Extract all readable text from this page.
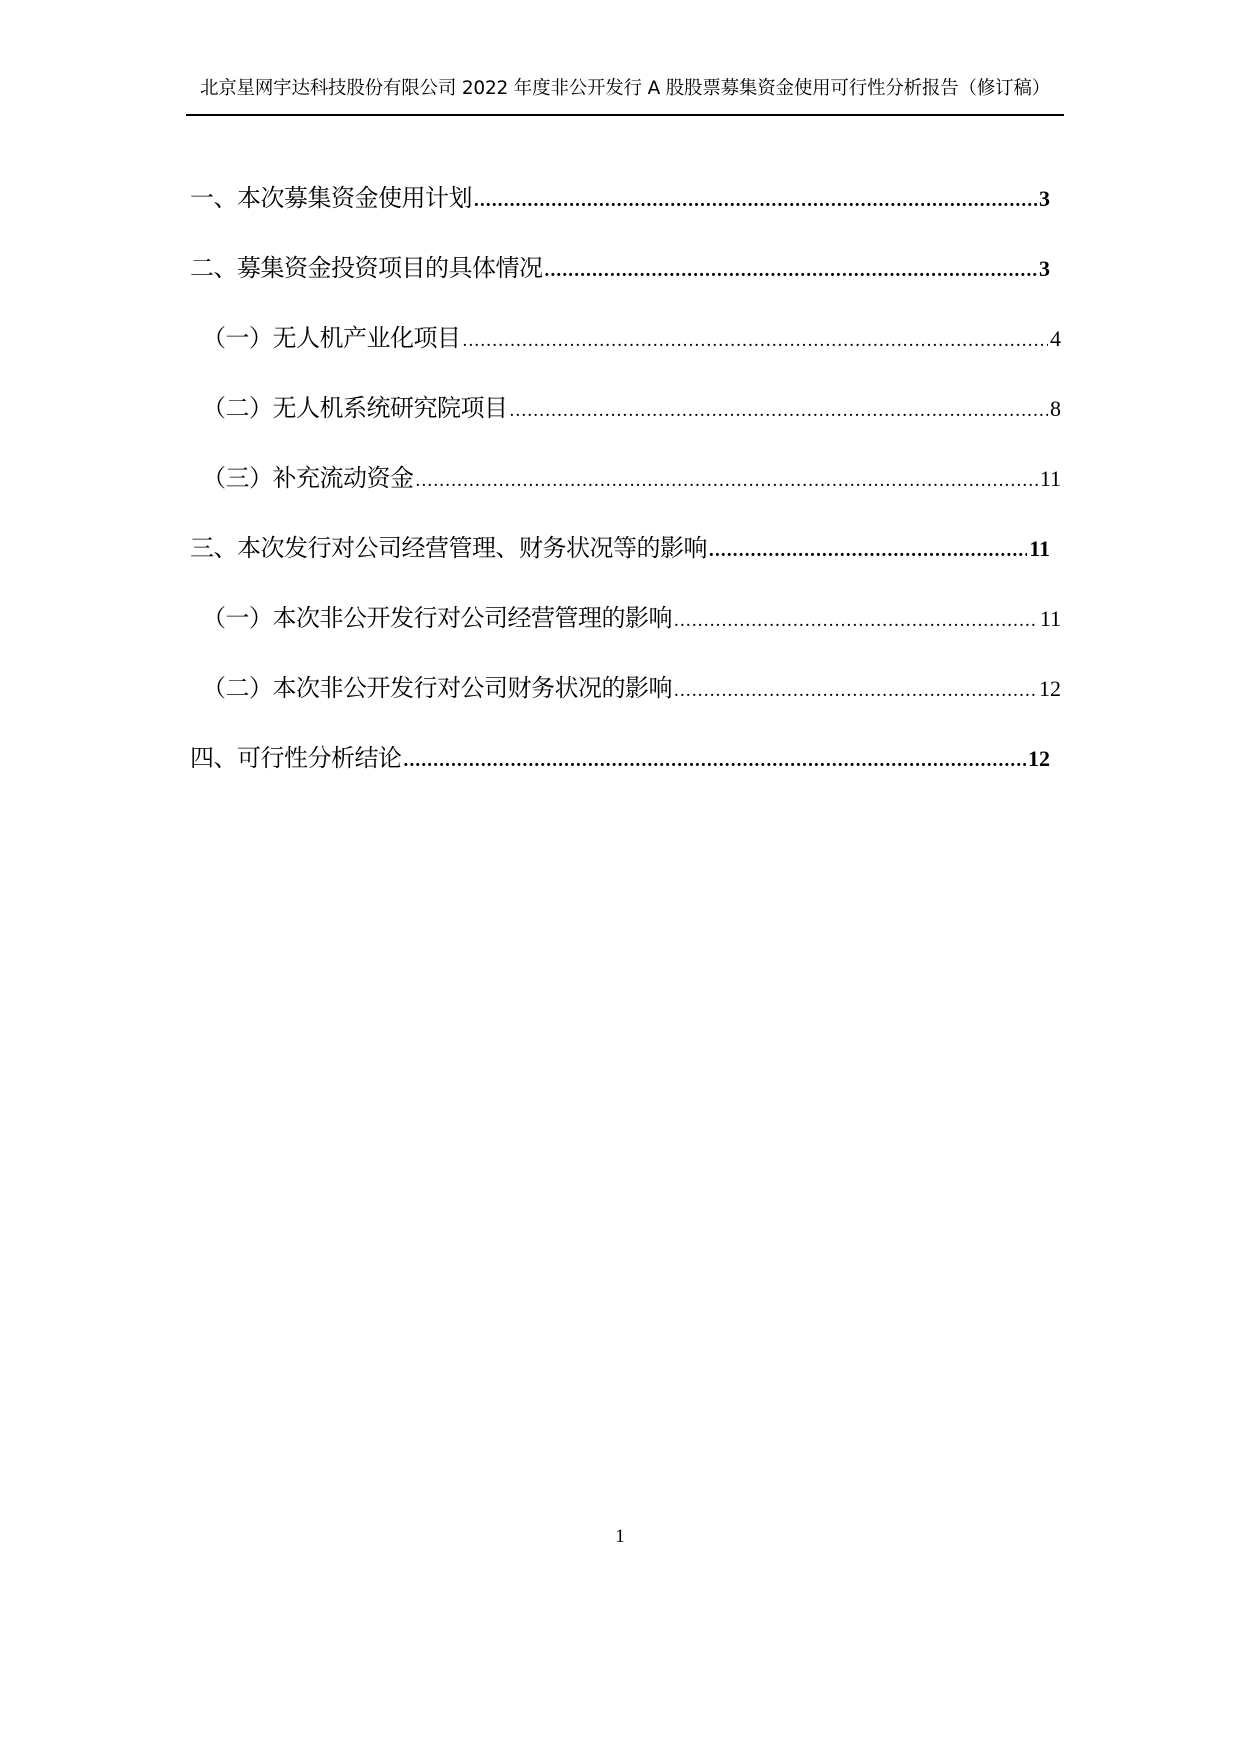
北京星网宇达科技股份有限公司 2022 年度非公开发行 A 股股票募集资金使用可行性分析报告（修订稿）
一、本次募集资金使用计划 .....	3
二、募集资金投资项目的具体情况 .....	3
（一）无人机产业化项目 .....	4
（二）无人机系统研究院项目 .....	8
（三）补充流动资金 .....	11
三、本次发行对公司经营管理、财务状况等的影响 .....	11
（一）本次非公开发行对公司经营管理的影响 .....	11
（二）本次非公开发行对公司财务状况的影响 .....	12
四、可行性分析结论 .....	12
1
